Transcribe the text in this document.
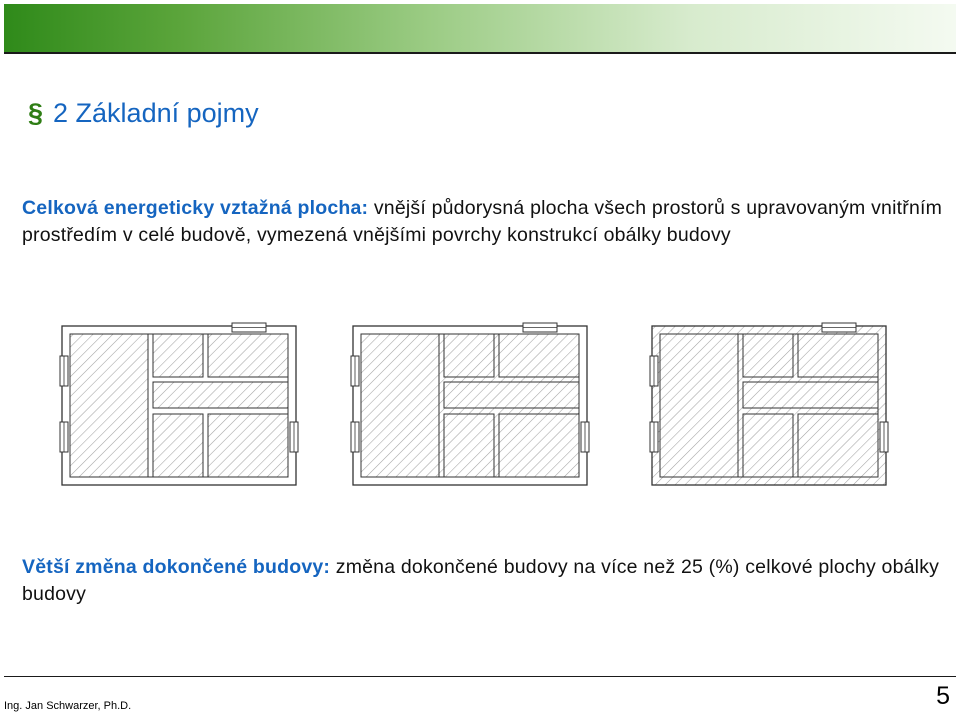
§ 2 Základní pojmy
Celková energeticky vztažná plocha: vnější půdorysná plocha všech prostorů s upravovaným vnitřním prostředím v celé budově, vymezená vnějšími povrchy konstrukcí obálky budovy
Větší změna dokončené budovy: změna dokončené budovy na více než 25 (%) celkové plochy obálky budovy
Ing. Jan Schwarzer, Ph.D.	5
